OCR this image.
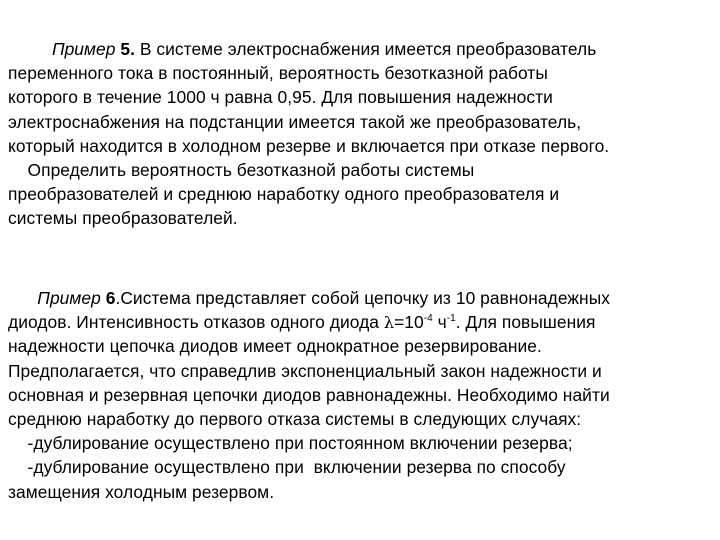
Пример 5. В системе электроснабжения имеется преобразователь
переменного тока в постоянный, вероятность безотказной работы
которого в течение 1000 ч равна 0,95. Для повышения надежности
электроснабжения на подстанции имеется такой же преобразователь,
который находится в холодном резерве и включается при отказе первого.
Определить вероятность безотказной работы системы
преобразователей и среднюю наработку одного преобразователя и
системы преобразователей.
Пример 6.Система представляет собой цепочку из 10 равнонадежных
диодов. Интенсивность отказов одного диода $\lambda=10^{-4}$ $ч^{-1}$. Для повышения
надежности цепочка диодов имеет однократное резервирование.
Предполагается, что справедлив экспоненциальный закон надежности и
основная и резервная цепочки диодов равнонадежны. Необходимо найти
среднюю наработку до первого отказа системы в следующих случаях:
-дублирование осуществлено при постоянном включении резерва;
-дублирование осуществлено при  включении резерва по способу
замещения холодным резервом.
